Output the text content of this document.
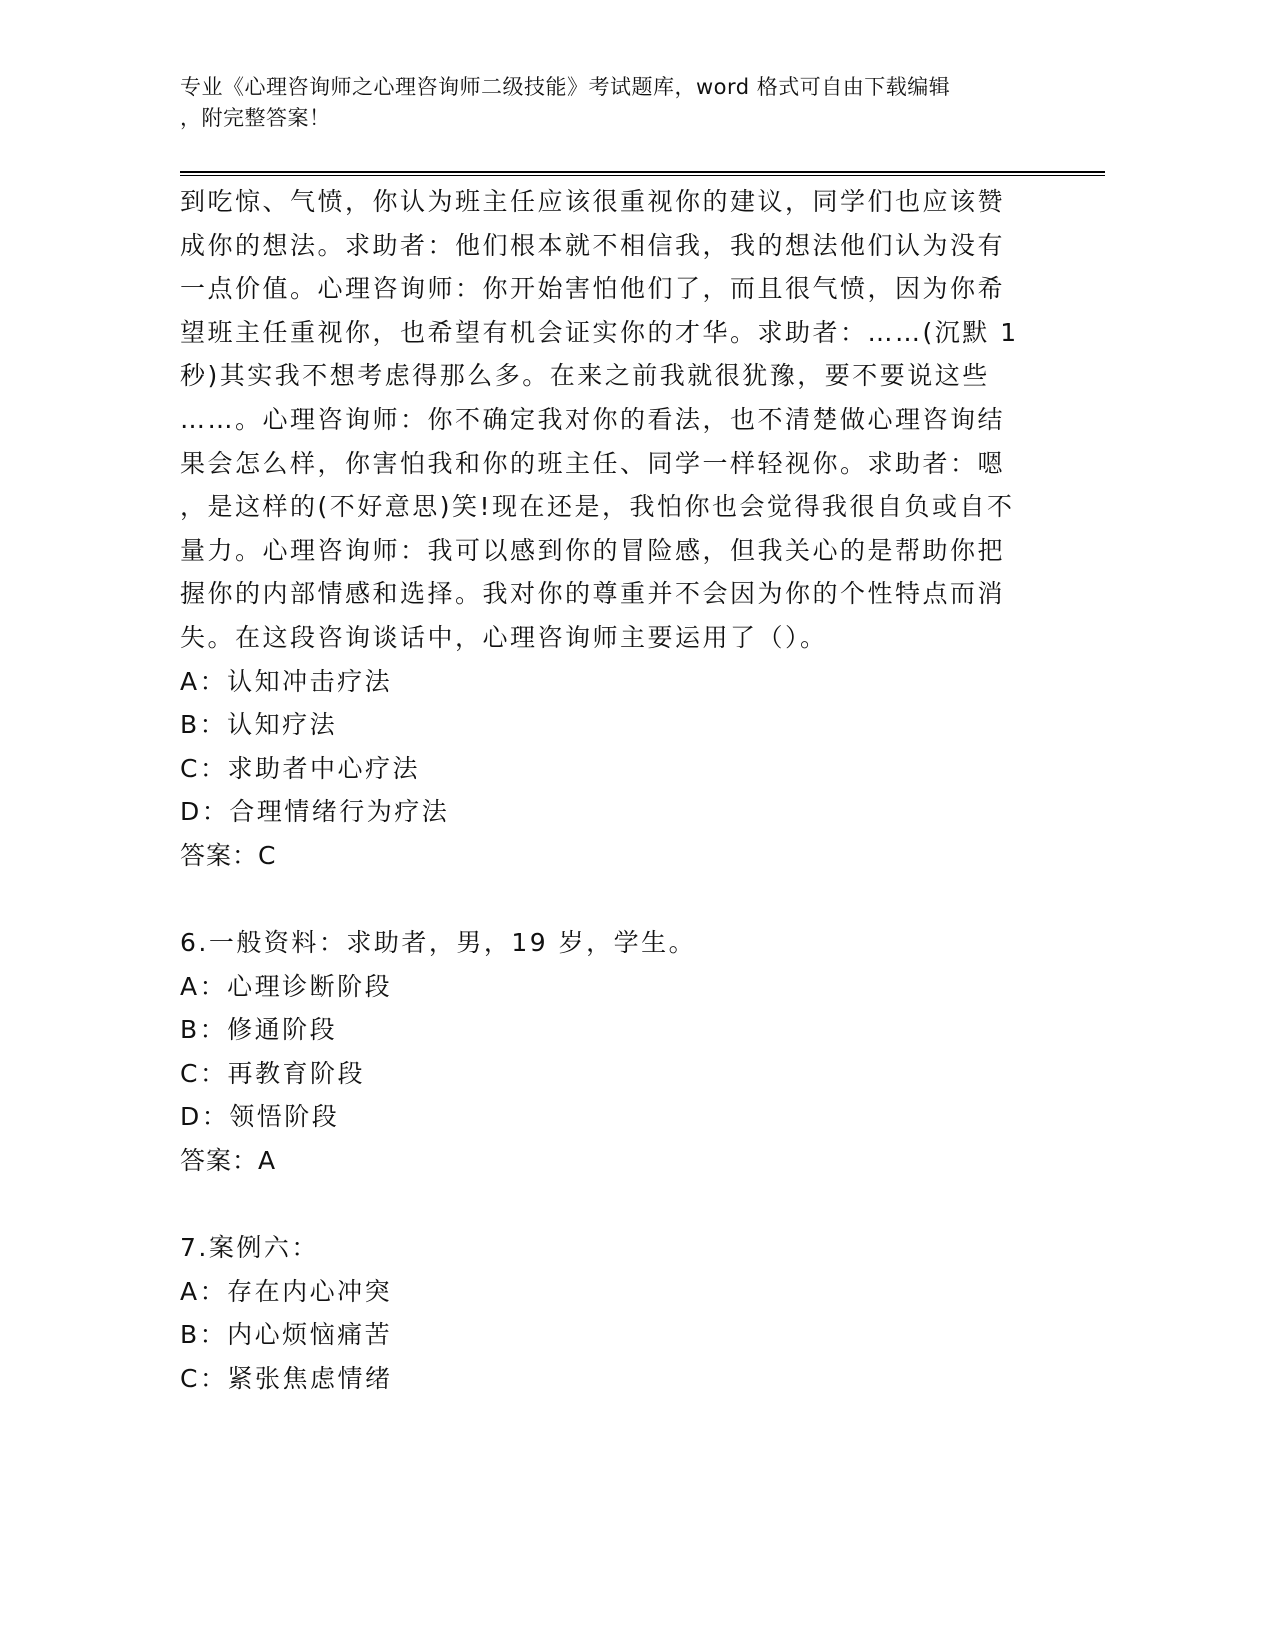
专业《心理咨询师之心理咨询师二级技能》考试题库，word 格式可自由下载编辑
，附完整答案！
到吃惊、气愤，你认为班主任应该很重视你的建议，同学们也应该赞
成你的想法。求助者：他们根本就不相信我，我的想法他们认为没有
一点价值。心理咨询师：你开始害怕他们了，而且很气愤，因为你希
望班主任重视你，也希望有机会证实你的才华。求助者：……(沉默 1
秒)其实我不想考虑得那么多。在来之前我就很犹豫，要不要说这些
……。心理咨询师：你不确定我对你的看法，也不清楚做心理咨询结
果会怎么样，你害怕我和你的班主任、同学一样轻视你。求助者：嗯
，是这样的(不好意思)笑!现在还是，我怕你也会觉得我很自负或自不
量力。心理咨询师：我可以感到你的冒险感，但我关心的是帮助你把
握你的内部情感和选择。我对你的尊重并不会因为你的个性特点而消
失。在这段咨询谈话中，心理咨询师主要运用了（）。
A：认知冲击疗法
B：认知疗法
C：求助者中心疗法
D：合理情绪行为疗法
答案：C
6.一般资料：求助者，男，19 岁，学生。
A：心理诊断阶段
B：修通阶段
C：再教育阶段
D：领悟阶段
答案：A
7.案例六：
A：存在内心冲突
B：内心烦恼痛苦
C：紧张焦虑情绪
